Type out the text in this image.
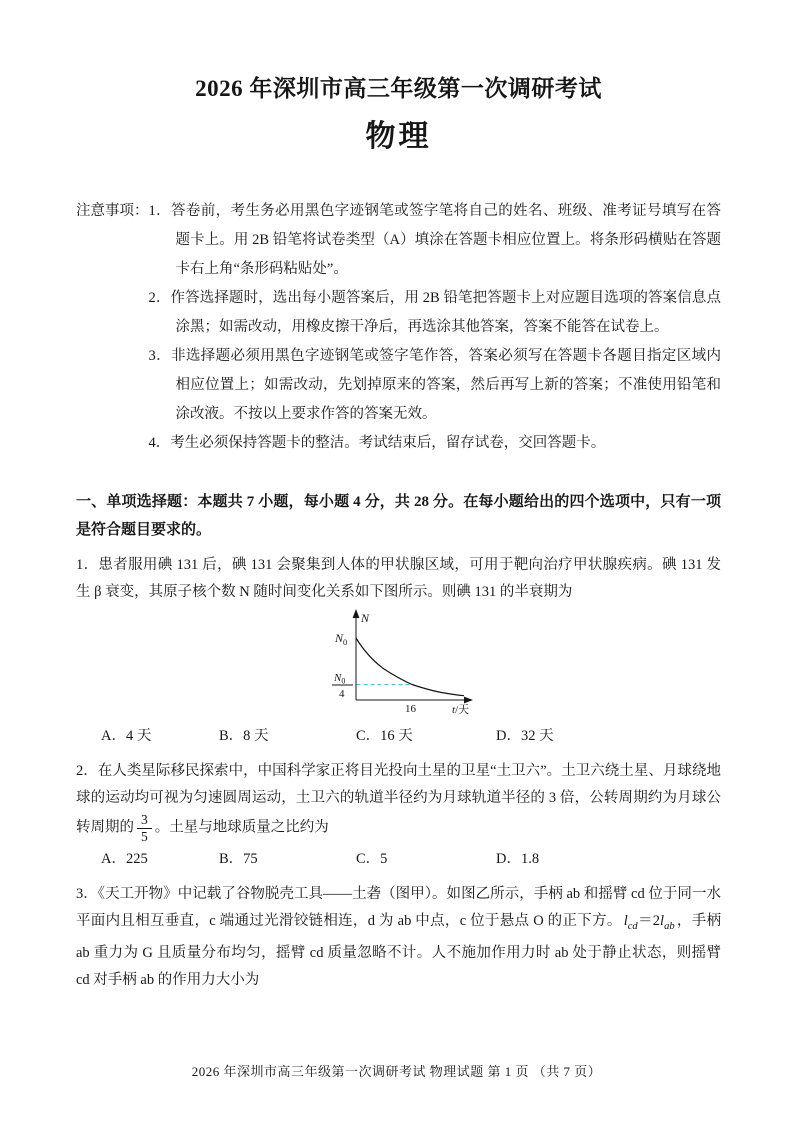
2026 年深圳市高三年级第一次调研考试
物理
注意事项： 1．答卷前，考生务必用黑色字迹钢笔或签字笔将自己的姓名、班级、准考证号填写在答题卡上。用 2B 铅笔将试卷类型（A）填涂在答题卡相应位置上。将条形码横贴在答题卡右上角“条形码粘贴处”。

2．作答选择题时，选出每小题答案后，用 2B 铅笔把答题卡上对应题目选项的答案信息点涂黑；如需改动，用橡皮擦干净后，再选涂其他答案，答案不能答在试卷上。

3．非选择题必须用黑色字迹钢笔或签字笔作答，答案必须写在答题卡各题目指定区域内相应位置上；如需改动，先划掉原来的答案，然后再写上新的答案；不准使用铅笔和涂改液。不按以上要求作答的答案无效。

4．考生必须保持答题卡的整洁。考试结束后，留存试卷，交回答题卡。

一、单项选择题：本题共 7 小题，每小题 4 分，共 28 分。在每小题给出的四个选项中，只有一项是符合题目要求的。
1．患者服用碘 131 后，碘 131 会聚集到人体的甲状腺区域，可用于靶向治疗甲状腺疾病。碘 131 发生 β 衰变，其原子核个数 N 随时间变化关系如下图所示。则碘 131 的半衰期为
N
$N_0$
$N_0$
4
16	t/天
A．4 天	B．8 天	C．16 天	D．32 天
2．在人类星际移民探索中，中国科学家正将目光投向土星的卫星“土卫六”。土卫六绕土星、月球绕地球的运动均可视为匀速圆周运动，土卫六的轨道半径约为月球轨道半径的 3 倍，公转周期约为月球公转周期的 $\frac{3}{5}$ 。土星与地球质量之比约为
A．225	B．75	C．5	D．1.8
3．《天工开物》中记载了谷物脱壳工具——土砻（图甲）。如图乙所示，手柄 ab 和摇臂 cd 位于同一水平面内且相互垂直，c 端通过光滑铰链相连，d 为 ab 中点，c 位于悬点 O 的正下方。 $l_{cd}=2l_{ab}$ ，手柄 ab 重力为 G 且质量分布均匀，摇臂 cd 质量忽略不计。人不施加作用力时 ab 处于静止状态，则摇臂 cd 对手柄 ab 的作用力大小为
2026 年深圳市高三年级第一次调研考试 物理试题 第 1 页 （共 7 页）
